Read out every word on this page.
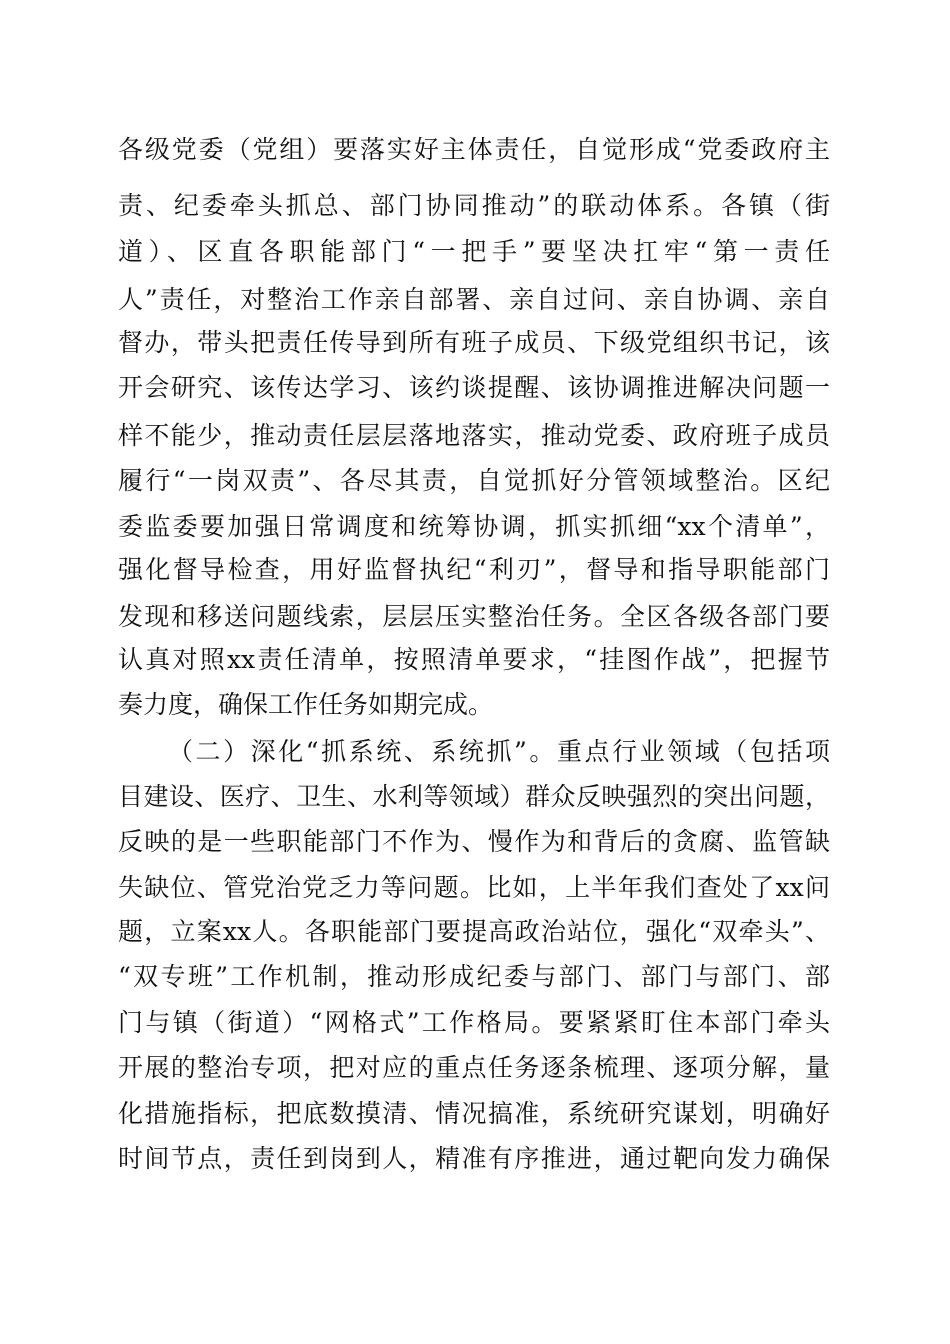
各级党委（党组）要落实好主体责任，自觉形成“党委政府主
责、纪委牵头抓总、部门协同推动”的联动体系。各镇（街
道）、区直各职能部门“一把手”要坚决扛牢“第一责任
人”责任，对整治工作亲自部署、亲自过问、亲自协调、亲自
督办，带头把责任传导到所有班子成员、下级党组织书记，该
开会研究、该传达学习、该约谈提醒、该协调推进解决问题一
样不能少，推动责任层层落地落实，推动党委、政府班子成员
履行“一岗双责”、各尽其责，自觉抓好分管领域整治。区纪
委监委要加强日常调度和统筹协调，抓实抓细“xx个清单”，
强化督导检查，用好监督执纪“利刃”，督导和指导职能部门
发现和移送问题线索，层层压实整治任务。全区各级各部门要
认真对照xx责任清单，按照清单要求，“挂图作战”，把握节
奏力度，确保工作任务如期完成。
（二）深化“抓系统、系统抓”。重点行业领域（包括项
目建设、医疗、卫生、水利等领域）群众反映强烈的突出问题，
反映的是一些职能部门不作为、慢作为和背后的贪腐、监管缺
失缺位、管党治党乏力等问题。比如，上半年我们查处了xx问
题，立案xx人。各职能部门要提高政治站位，强化“双牵头”、
“双专班”工作机制，推动形成纪委与部门、部门与部门、部
门与镇（街道）“网格式”工作格局。要紧紧盯住本部门牵头
开展的整治专项，把对应的重点任务逐条梳理、逐项分解，量
化措施指标，把底数摸清、情况搞准，系统研究谋划，明确好
时间节点，责任到岗到人，精准有序推进，通过靶向发力确保
